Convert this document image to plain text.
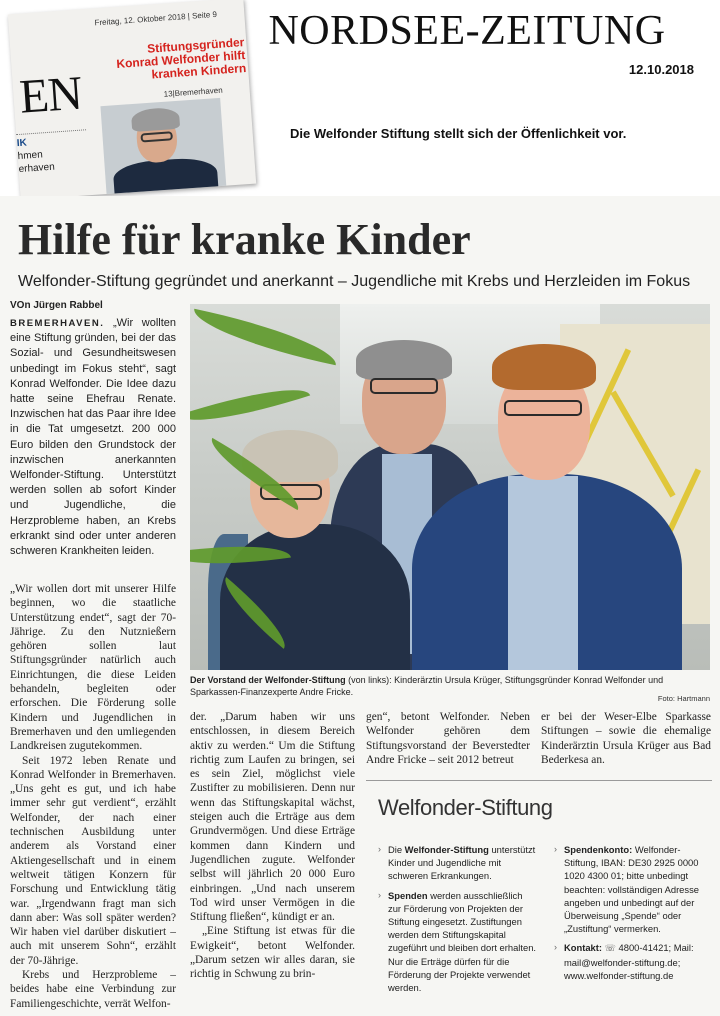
Freitag, 12. Oktober 2018 | Seite 9
EN
Stiftungsgründer Konrad Welfonder hilft kranken Kindern
13|Bremerhaven
IK
hmen
erhaven
NORDSEE-ZEITUNG
12.10.2018
Die Welfonder Stiftung stellt sich der Öffenlichkeit vor.
Hilfe für kranke Kinder
Welfonder-Stiftung gegründet und anerkannt – Jugendliche mit Krebs und Herzleiden im Fokus
VOn Jürgen Rabbel

BREMERHAVEN. „Wir wollten eine Stiftung gründen, bei der das Sozial- und Gesundheitswesen unbedingt im Fokus steht“, sagt Konrad Welfonder. Die Idee dazu hatte seine Ehefrau Renate. Inzwischen hat das Paar ihre Idee in die Tat umgesetzt. 200 000 Euro bilden den Grundstock der inzwischen anerkannten Welfonder-Stiftung. Unterstützt werden sollen ab sofort Kinder und Jugendliche, die Herzprobleme haben, an Krebs erkrankt sind oder unter anderen schweren Krankheiten leiden.

„Wir wollen dort mit unserer Hilfe beginnen, wo die staatliche Unterstützung endet“, sagt der 70-Jährige. Zu den Nutznießern gehören sollen laut Stiftungsgründer natürlich auch Einrichtungen, die diese Leiden behandeln, begleiten oder erforschen. Die Förderung solle Kindern und Jugendlichen in Bremerhaven und den umliegenden Landkreisen zugutekommen.

Seit 1972 leben Renate und Konrad Welfonder in Bremerhaven. „Uns geht es gut, und ich habe immer sehr gut verdient“, erzählt Welfonder, der nach einer technischen Ausbildung unter anderem als Vorstand einer Aktiengesellschaft und in einem weltweit tätigen Konzern für Forschung und Entwicklung tätig war. „Irgendwann fragt man sich dann aber: Was soll später werden? Wir haben viel darüber diskutiert – auch mit unserem Sohn“, erzählt der 70-Jährige.

Krebs und Herzprobleme – beides habe eine Verbindung zur Familiengeschichte, verrät Welfon-

Der Vorstand der Welfonder-Stiftung (von links): Kinderärztin Ursula Krüger, Stiftungsgründer Konrad Welfonder und Sparkassen-Finanzexperte Andre Fricke.
Foto: Hartmann

der. „Darum haben wir uns entschlossen, in diesem Bereich aktiv zu werden.“ Um die Stiftung richtig zum Laufen zu bringen, sei es sein Ziel, möglichst viele Zustifter zu mobilisieren. Denn nur wenn das Stiftungskapital wächst, steigen auch die Erträge aus dem Grundvermögen. Und diese Erträge kommen dann Kindern und Jugendlichen zugute. Welfonder selbst will jährlich 20 000 Euro einbringen. „Und nach unserem Tod wird unser Vermögen in die Stiftung fließen“, kündigt er an.

„Eine Stiftung ist etwas für die Ewigkeit“, betont Welfonder. „Darum setzen wir alles daran, sie richtig in Schwung zu brin-

gen“, betont Welfonder. Neben Welfonder gehören dem Stiftungsvorstand der Beverstedter Andre Fricke – seit 2012 betreut

er bei der Weser-Elbe Sparkasse Stiftungen – sowie die ehemalige Kinderärztin Ursula Krüger aus Bad Bederkesa an.

Welfonder-Stiftung
› Die Welfonder-Stiftung unterstützt Kinder und Jugendliche mit schweren Erkrankungen.
› Spenden werden ausschließlich zur Förderung von Projekten der Stiftung eingesetzt. Zustiftungen werden dem Stiftungskapital zugeführt und bleiben dort erhalten. Nur die Erträge dürfen für die Förderung der Projekte verwendet werden.
› Spendenkonto: Welfonder-Stiftung, IBAN: DE30 2925 0000 1020 4300 01; bitte unbedingt beachten: vollständigen Adresse angeben und unbedingt auf der Überweisung „Spende“ oder „Zustiftung“ vermerken.
› Kontakt: ☏ 4800-41421; Mail: mail@welfonder-stiftung.de; www.welfonder-stiftung.de
